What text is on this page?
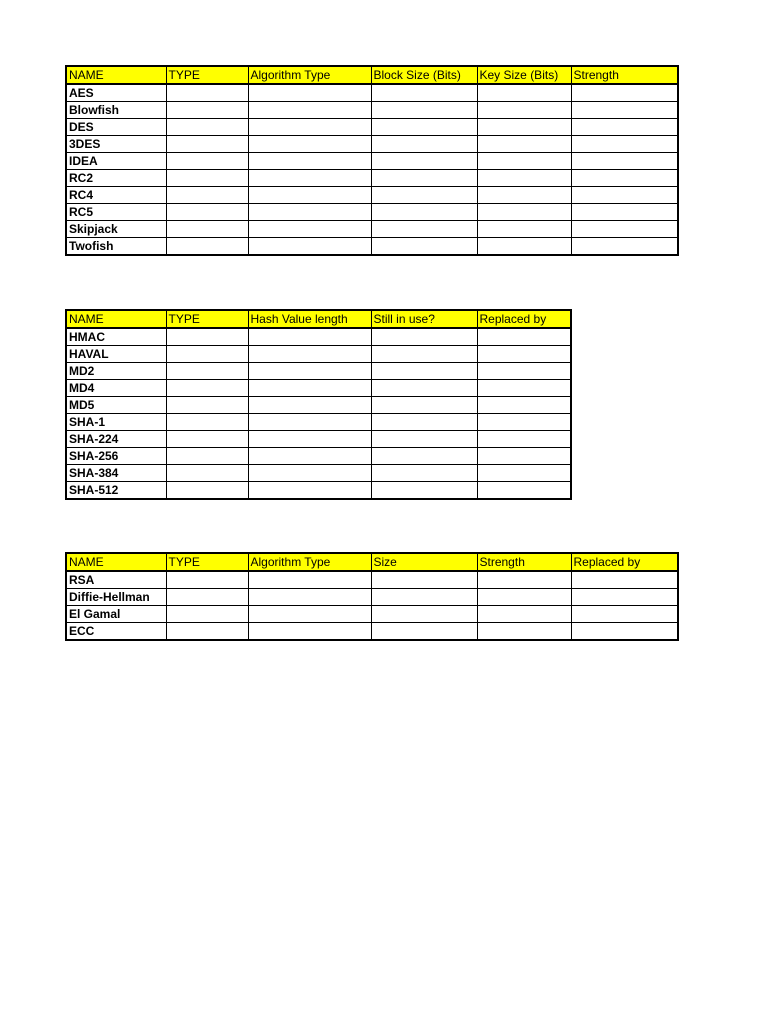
NAME	TYPE	Algorithm Type	Block Size (Bits)	Key Size (Bits)	Strength
AES					
Blowfish					
DES					
3DES					
IDEA					
RC2					
RC4					
RC5					
Skipjack					
Twofish					
NAME	TYPE	Hash Value length	Still in use?	Replaced by
HMAC				
HAVAL				
MD2				
MD4				
MD5				
SHA-1				
SHA-224				
SHA-256				
SHA-384				
SHA-512				
NAME	TYPE	Algorithm Type	Size	Strength	Replaced by
RSA					
Diffie-Hellman					
El Gamal					
ECC					
